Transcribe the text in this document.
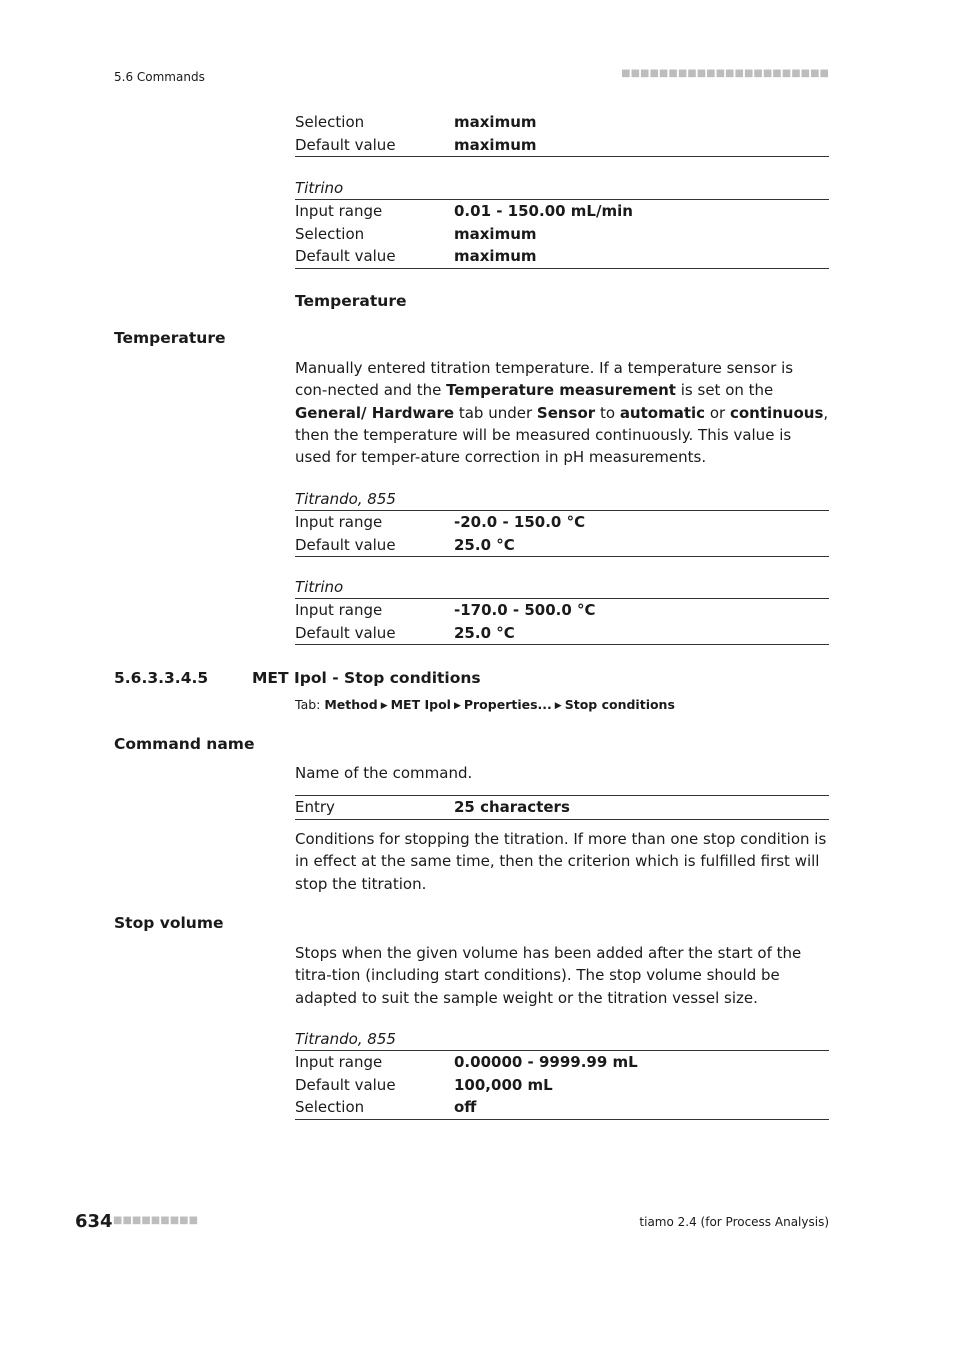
5.6 Commands	■■■■■■■■■■■■■■■■■■■■■■
Selection	maximum
Default value	maximum
Titrino
Input range	0.01 - 150.00 mL/min
Selection	maximum
Default value	maximum
Temperature
Temperature
Manually entered titration temperature. If a temperature sensor is con-nected and the Temperature measurement is set on the General/ Hardware tab under Sensor to automatic or continuous, then the temperature will be measured continuously. This value is used for temper-ature correction in pH measurements.
Titrando, 855
Input range	-20.0 - 150.0 °C
Default value	25.0 °C
Titrino
Input range	-170.0 - 500.0 °C
Default value	25.0 °C
5.6.3.3.4.5	MET Ipol - Stop conditions
Tab: Method ▶ MET Ipol ▶ Properties... ▶ Stop conditions
Command name
Name of the command.
Entry	25 characters
Conditions for stopping the titration. If more than one stop condition is in effect at the same time, then the criterion which is fulfilled first will stop the titration.
Stop volume
Stops when the given volume has been added after the start of the titra-tion (including start conditions). The stop volume should be adapted to suit the sample weight or the titration vessel size.
Titrando, 855
Input range	0.00000 - 9999.99 mL
Default value	100,000 mL
Selection	off
634 ■■■■■■■■■	tiamo 2.4 (for Process Analysis)
